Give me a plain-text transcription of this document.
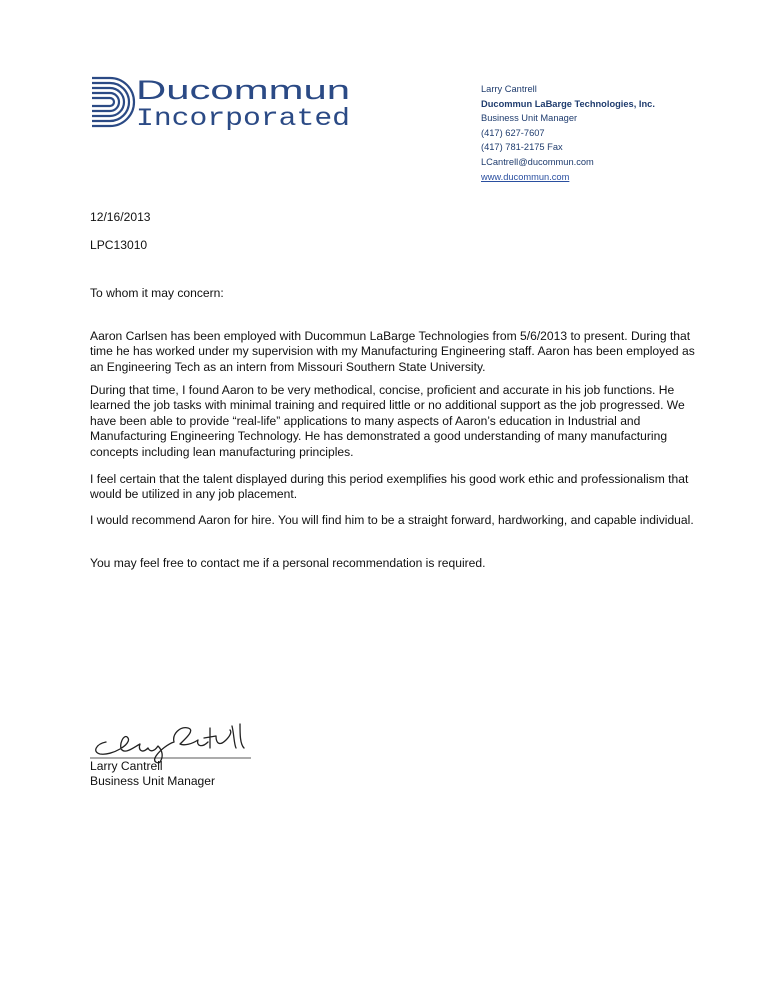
Ducommun
Incorporated
Larry Cantrell
Ducommun LaBarge Technologies, Inc.
Business Unit Manager
(417) 627-7607
(417) 781-2175 Fax
LCantrell@ducommun.com
www.ducommun.com
12/16/2013
LPC13010
To whom it may concern:
Aaron Carlsen has been employed with Ducommun LaBarge Technologies from 5/6/2013 to present. During that time he has worked under my supervision with my Manufacturing Engineering staff. Aaron has been employed as an Engineering Tech as an intern from Missouri Southern State University.
During that time, I found Aaron to be very methodical, concise, proficient and accurate in his job functions. He learned the job tasks with minimal training and required little or no additional support as the job progressed. We have been able to provide “real-life” applications to many aspects of Aaron’s education in Industrial and Manufacturing Engineering Technology. He has demonstrated a good understanding of many manufacturing concepts including lean manufacturing principles.
I feel certain that the talent displayed during this period exemplifies his good work ethic and professionalism that would be utilized in any job placement.
I would recommend Aaron for hire. You will find him to be a straight forward, hardworking, and capable individual.
You may feel free to contact me if a personal recommendation is required.
Larry Cantrell
Business Unit Manager
